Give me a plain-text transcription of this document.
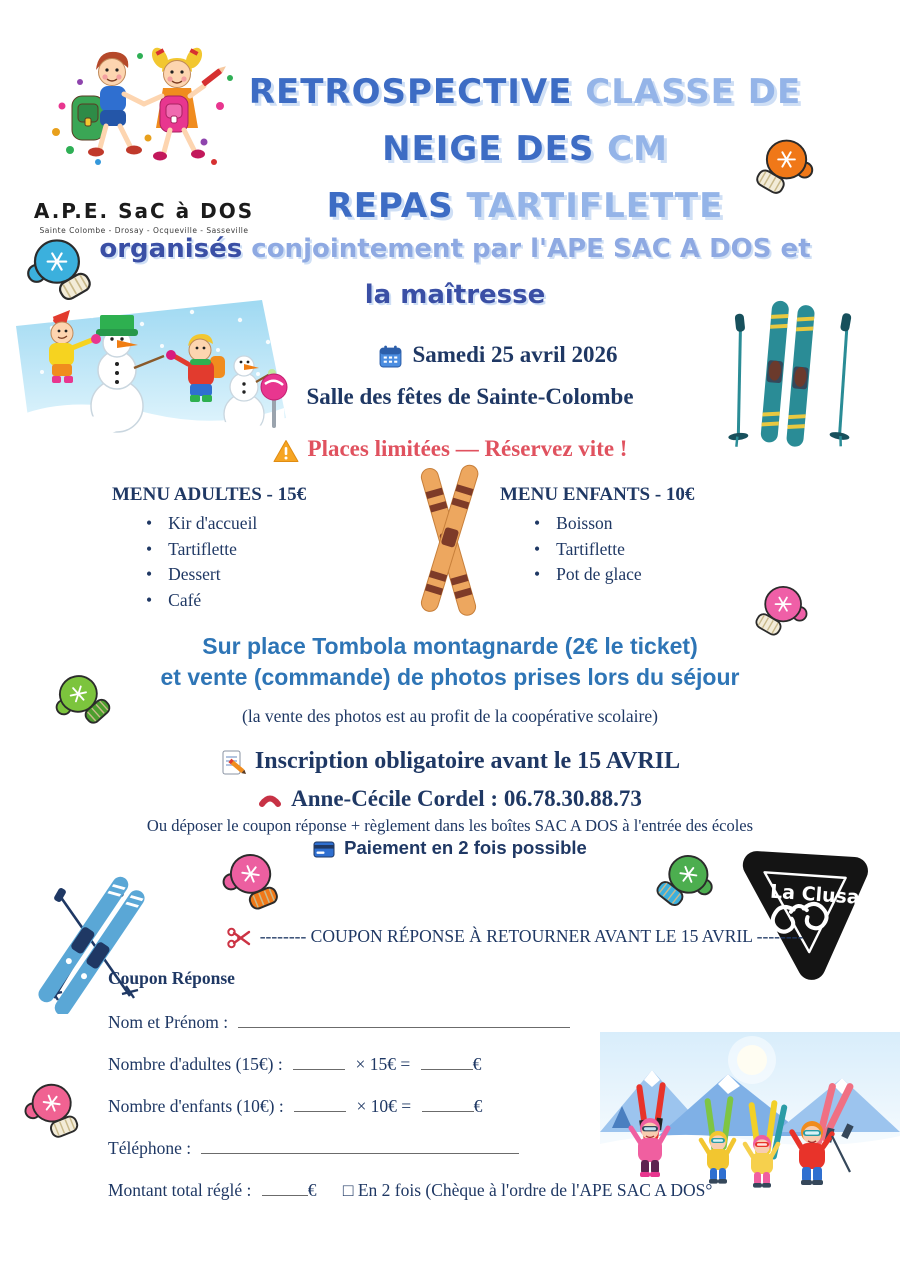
A.P.E. SaC à DOS
Sainte Colombe - Drosay - Ocqueville - Sasseville
RETROSPECTIVE CLASSE DE
NEIGE DES CM
REPAS TARTIFLETTE
organisés conjointement par l'APE SAC A DOS et
la maîtresse
Samedi 25 avril 2026
Salle des fêtes de Sainte-Colombe
Places limitées — Réservez vite !
MENU ADULTES - 15€
• Kir d'accueil
• Tartiflette
• Dessert
• Café
MENU ENFANTS - 10€
• Boisson
• Tartiflette
• Pot de glace
Sur place Tombola montagnarde (2€ le ticket)
et vente (commande) de photos prises lors du séjour
(la vente des photos est au profit de la coopérative scolaire)
Inscription obligatoire avant le 15 AVRIL
Anne-Cécile Cordel : 06.78.30.88.73
Ou déposer le coupon réponse + règlement dans les boîtes SAC A DOS à l'entrée des écoles
Paiement en 2 fois possible
La Clusaz
-------- COUPON RÉPONSE À RETOURNER AVANT LE 15 AVRIL --------
Coupon Réponse
Nom et Prénom :
Nombre d'adultes (15€) :	× 15€ =	€
Nombre d'enfants (10€) :	× 10€ =	€
Téléphone :
Montant total réglé :	€ □ En 2 fois (Chèque à l'ordre de l'APE SAC A DOS°
